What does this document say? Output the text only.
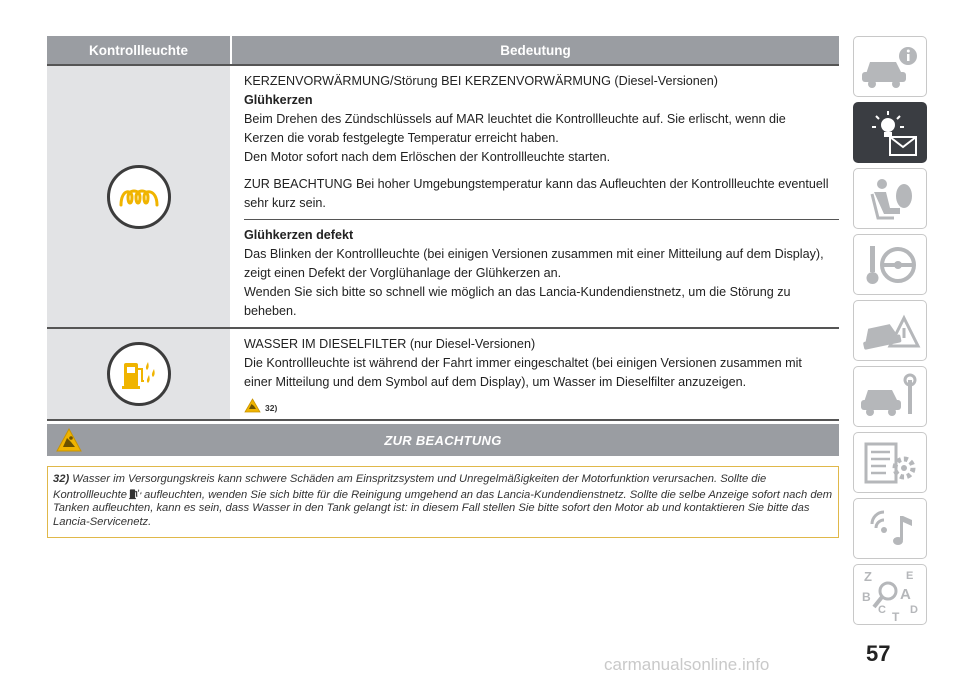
Kontrollleuchte	Bedeutung

KERZENVORWÄRMUNG/Störung BEI KERZENVORWÄRMUNG (Diesel-Versionen)

Glühkerzen

Beim Drehen des Zündschlüssels auf MAR leuchtet die Kontrollleuchte auf. Sie erlischt, wenn die Kerzen die vorab festgelegte Temperatur erreicht haben.

Den Motor sofort nach dem Erlöschen der Kontrollleuchte starten.

ZUR BEACHTUNG Bei hoher Umgebungstemperatur kann das Aufleuchten der Kontrollleuchte eventuell sehr kurz sein.

Glühkerzen defekt

Das Blinken der Kontrollleuchte (bei einigen Versionen zusammen mit einer Mitteilung auf dem Display), zeigt einen Defekt der Vorglühanlage der Glühkerzen an.

Wenden Sie sich bitte so schnell wie möglich an das Lancia-Kundendienstnetz, um die Störung zu beheben.

WASSER IM DIESELFILTER (nur Diesel-Versionen)

Die Kontrollleuchte ist während der Fahrt immer eingeschaltet (bei einigen Versionen zusammen mit einer Mitteilung und dem Symbol auf dem Display), um Wasser im Dieselfilter anzuzeigen.

32)
ZUR BEACHTUNG

32) Wasser im Versorgungskreis kann schwere Schäden am Einspritzsystem und Unregelmäßigkeiten der Motorfunktion verursachen. Sollte die Kontrollleuchte aufleuchten, wenden Sie sich bitte für die Reinigung umgehend an das Lancia-Kundendienstnetz. Sollte die selbe Anzeige sofort nach dem Tanken aufleuchten, kann es sein, dass Wasser in den Tank gelangt ist: in diesem Fall stellen Sie bitte sofort den Motor ab und kontaktieren Sie bitte das Lancia-Servicenetz.

Z	E
B A
C D
T
57
carmanualsonline.info
